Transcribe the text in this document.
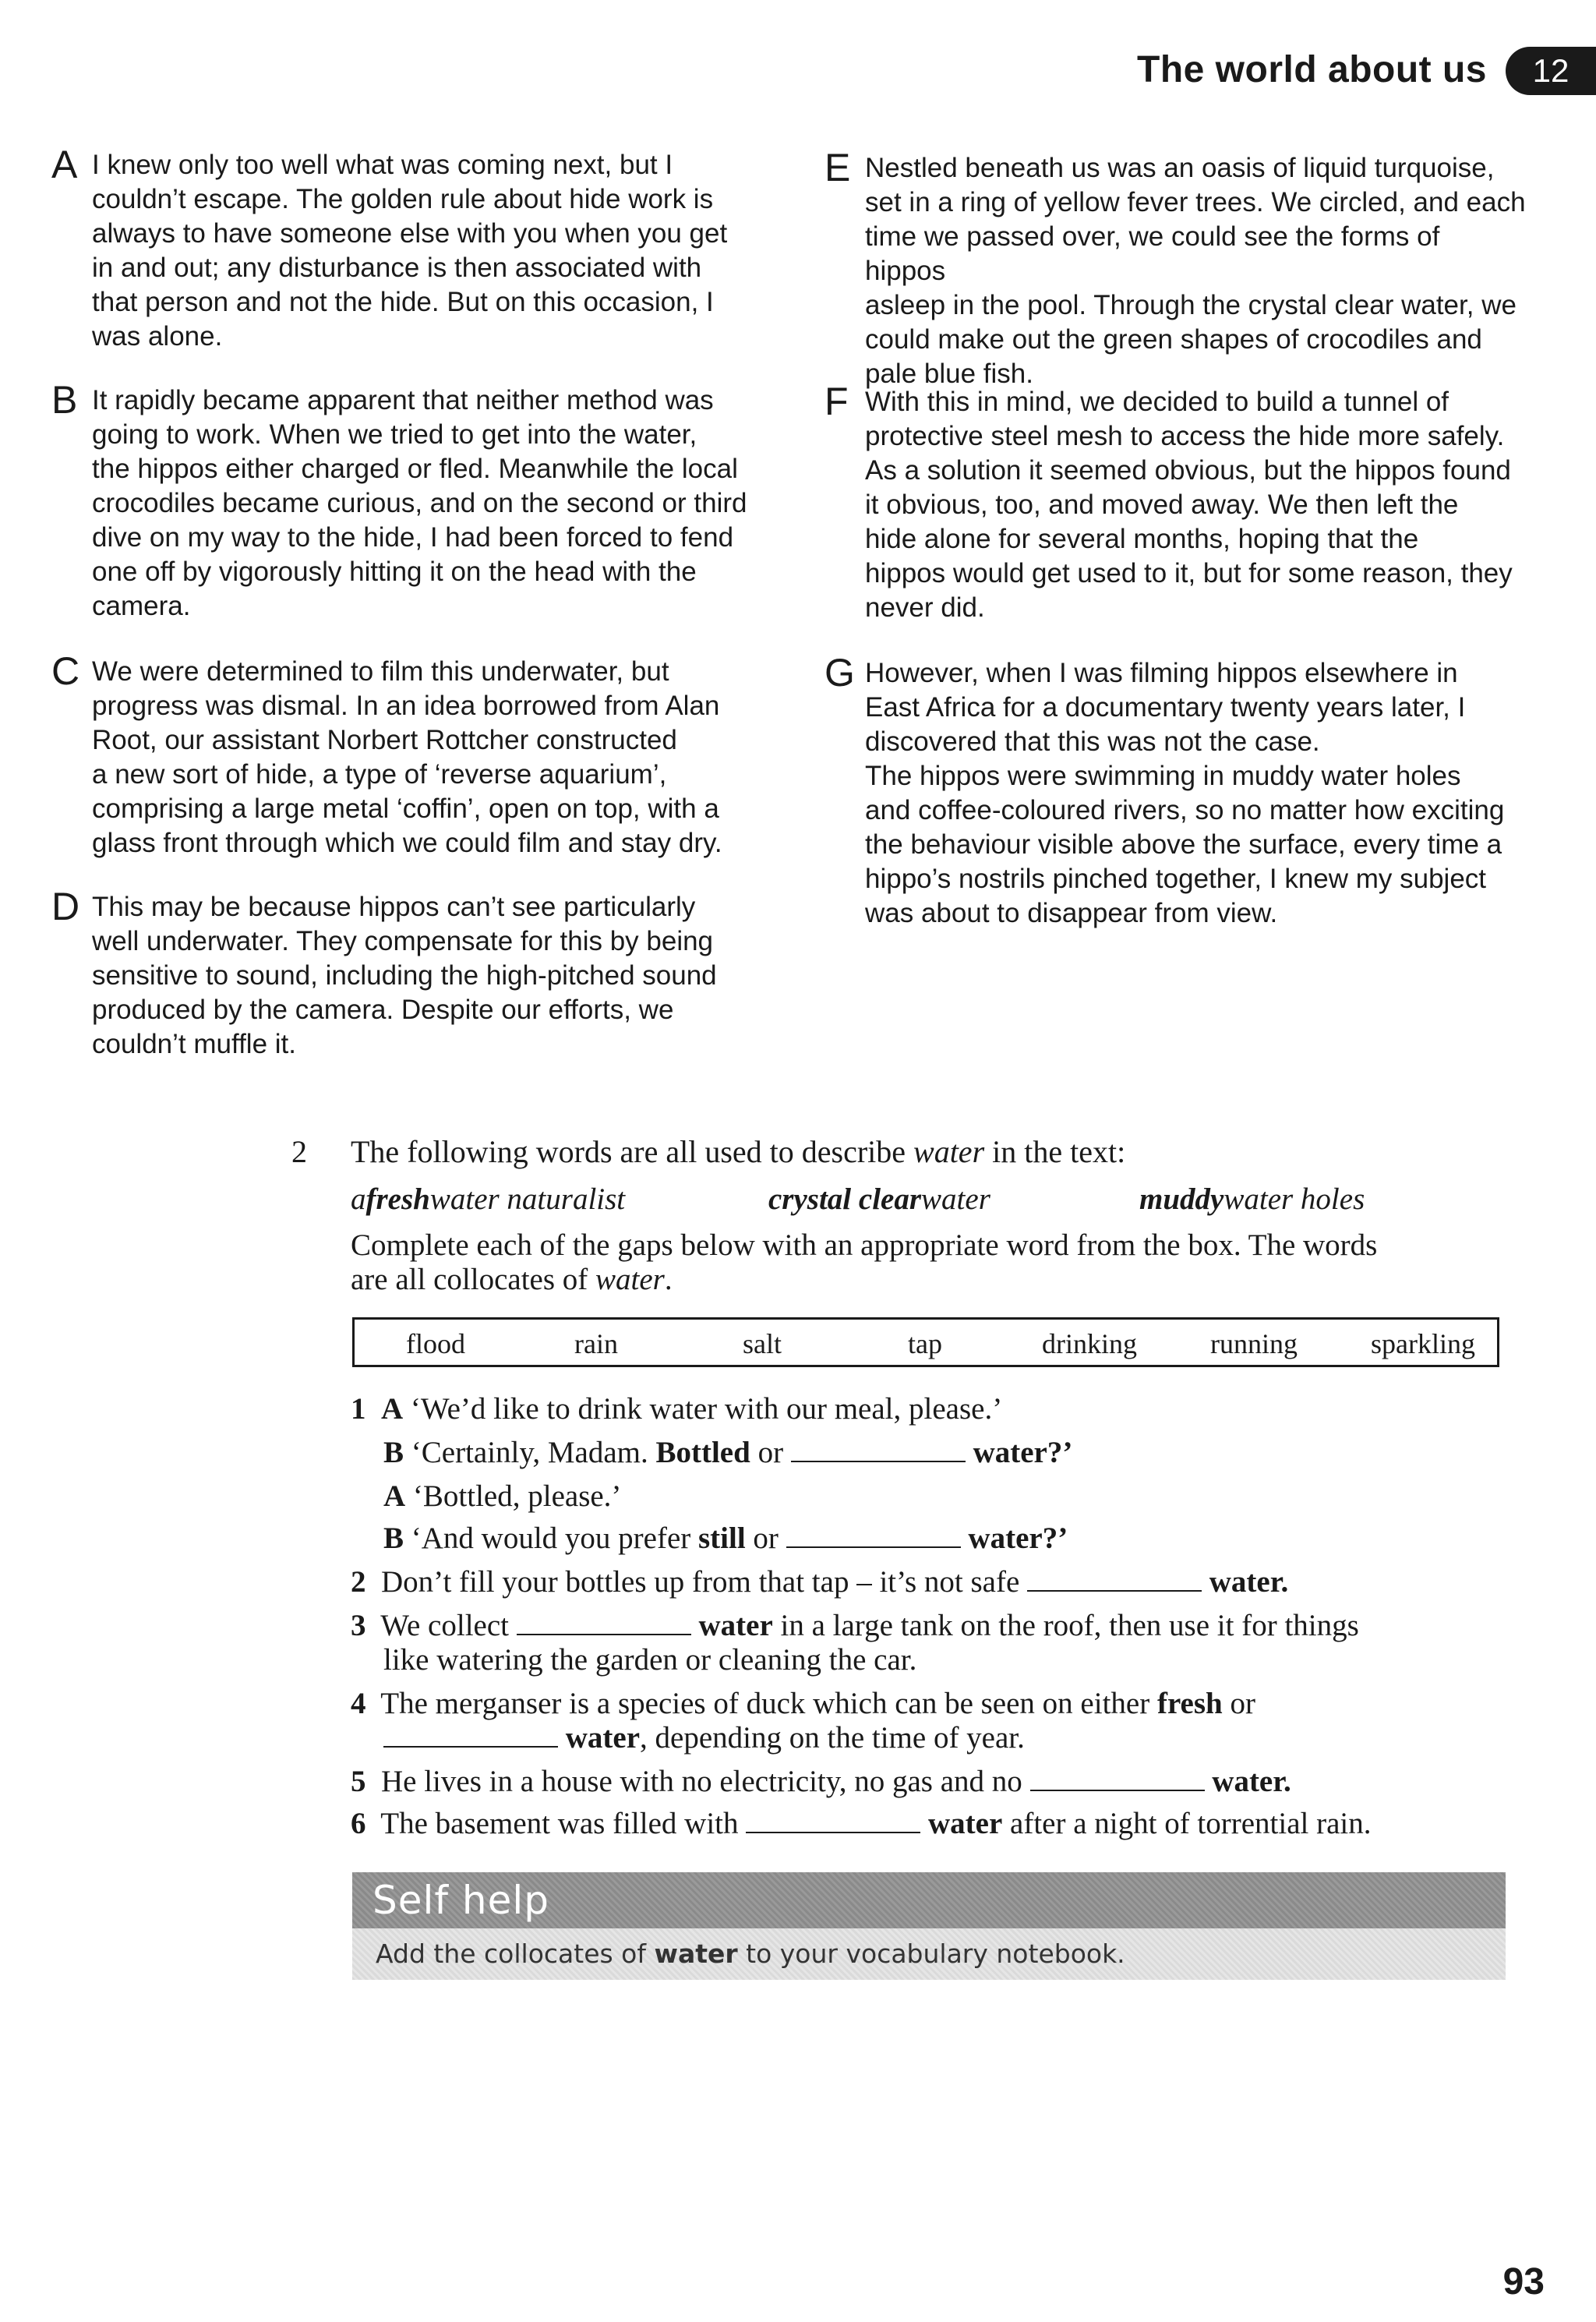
The world about us	12
A I knew only too well what was coming next, but I
couldn’t escape. The golden rule about hide work is
always to have someone else with you when you get
in and out; any disturbance is then associated with
that person and not the hide. But on this occasion, I
was alone.
B It rapidly became apparent that neither method was
going to work. When we tried to get into the water,
the hippos either charged or fled. Meanwhile the local
crocodiles became curious, and on the second or third
dive on my way to the hide, I had been forced to fend
one off by vigorously hitting it on the head with the
camera.
C We were determined to film this underwater, but
progress was dismal. In an idea borrowed from Alan
Root, our assistant Norbert Rottcher constructed
a new sort of hide, a type of ‘reverse aquarium’,
comprising a large metal ‘coffin’, open on top, with a
glass front through which we could film and stay dry.
D This may be because hippos can’t see particularly
well underwater. They compensate for this by being
sensitive to sound, including the high-pitched sound
produced by the camera. Despite our efforts, we
couldn’t muffle it.
E Nestled beneath us was an oasis of liquid turquoise,
set in a ring of yellow fever trees. We circled, and each
time we passed over, we could see the forms of hippos
asleep in the pool. Through the crystal clear water, we
could make out the green shapes of crocodiles and
pale blue fish.
F With this in mind, we decided to build a tunnel of
protective steel mesh to access the hide more safely.
As a solution it seemed obvious, but the hippos found
it obvious, too, and moved away. We then left the
hide alone for several months, hoping that the
hippos would get used to it, but for some reason, they
never did.
G However, when I was filming hippos elsewhere in
East Africa for a documentary twenty years later, I
discovered that this was not the case.
The hippos were swimming in muddy water holes
and coffee-coloured rivers, so no matter how exciting
the behaviour visible above the surface, every time a
hippo’s nostrils pinched together, I knew my subject
was about to disappear from view.
2 The following words are all used to describe water in the text:
afreshwater naturalist	crystal clearwater	muddywater holes
Complete each of the gaps below with an appropriate word from the box. The words
are all collocates of water.
flood	rain	salt	tap	drinking	running	sparkling
1 A ‘We’d like to drink water with our meal, please.’
B ‘Certainly, Madam. Bottled or	water?’
A ‘Bottled, please.’
B ‘And would you prefer still or	water?’
2 Don’t fill your bottles up from that tap – it’s not safe	water.
3 We collect	water in a large tank on the roof, then use it for things
like watering the garden or cleaning the car.
4 The merganser is a species of duck which can be seen on either fresh or
water, depending on the time of year.
5 He lives in a house with no electricity, no gas and no	water.
6 The basement was filled with	water after a night of torrential rain.
Self help
Add the collocates of water to your vocabulary notebook.
93
